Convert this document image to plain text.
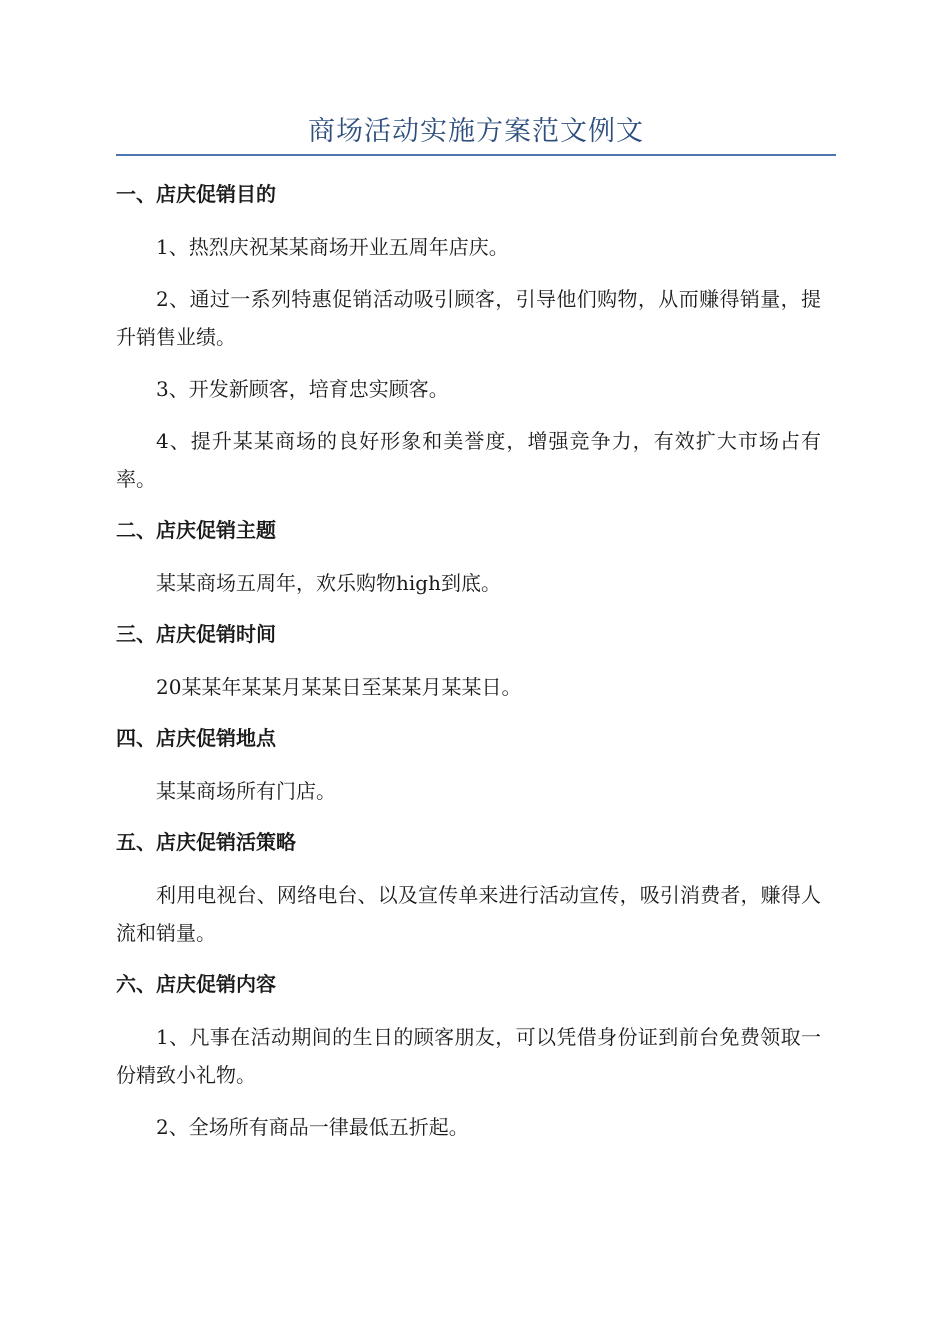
商场活动实施方案范文例文
一、店庆促销目的

1、热烈庆祝某某商场开业五周年店庆。

2、通过一系列特惠促销活动吸引顾客，引导他们购物，从而赚得销量，提升销售业绩。

3、开发新顾客，培育忠实顾客。

4、提升某某商场的良好形象和美誉度，增强竞争力，有效扩大市场占有率。

二、店庆促销主题

某某商场五周年，欢乐购物high到底。

三、店庆促销时间

20某某年某某月某某日至某某月某某日。

四、店庆促销地点

某某商场所有门店。

五、店庆促销活策略

利用电视台、网络电台、以及宣传单来进行活动宣传，吸引消费者，赚得人流和销量。

六、店庆促销内容

1、凡事在活动期间的生日的顾客朋友，可以凭借身份证到前台免费领取一份精致小礼物。

2、全场所有商品一律最低五折起。
